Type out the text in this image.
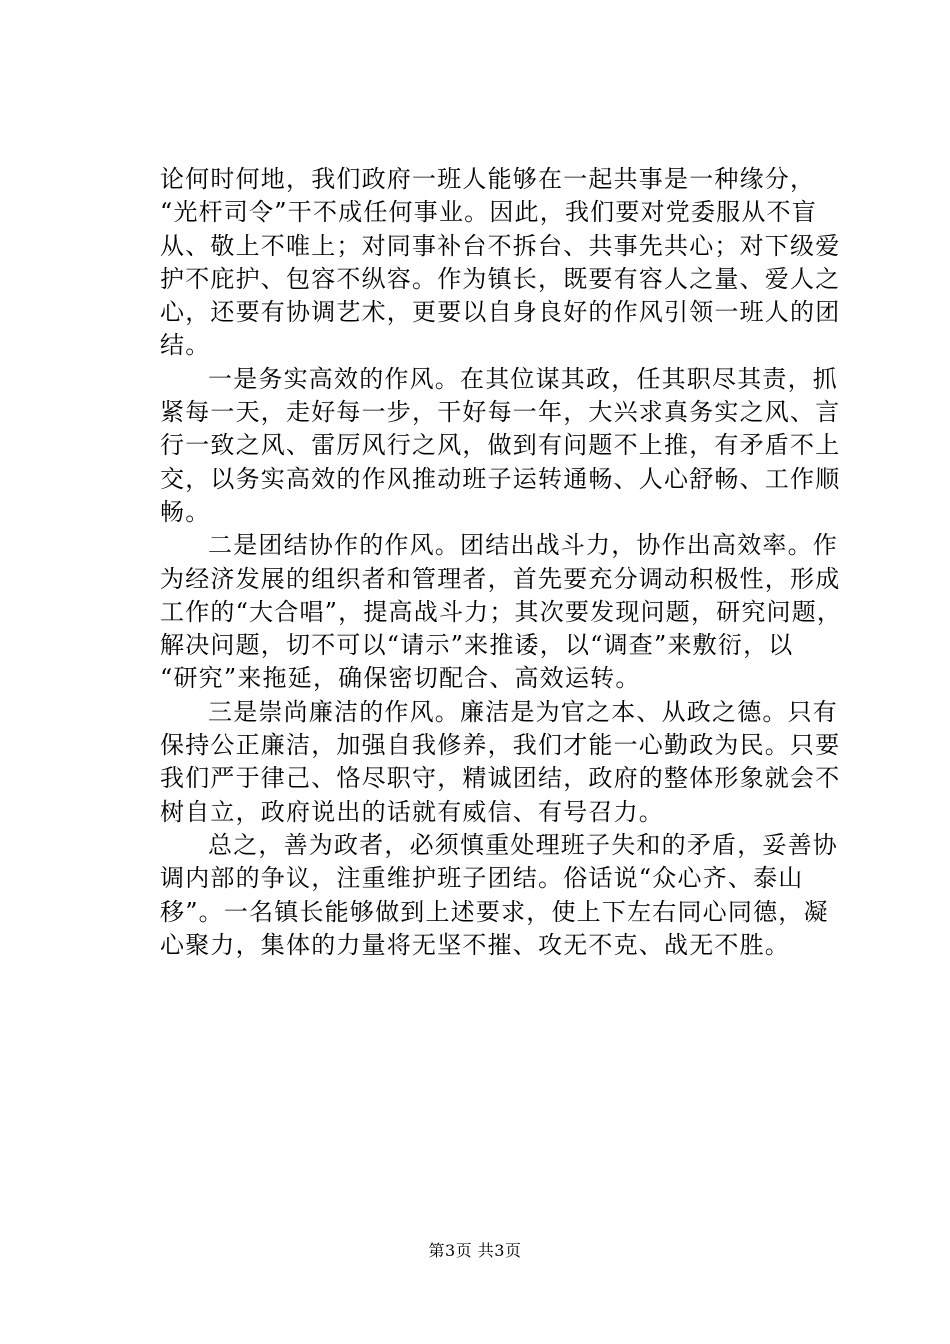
论何时何地，我们政府一班人能够在一起共事是一种缘分，
“光杆司令”干不成任何事业。因此，我们要对党委服从不盲
从、敬上不唯上；对同事补台不拆台、共事先共心；对下级爱
护不庇护、包容不纵容。作为镇长，既要有容人之量、爱人之
心，还要有协调艺术，更要以自身良好的作风引领一班人的团
结。

一是务实高效的作风。在其位谋其政，任其职尽其责，抓
紧每一天，走好每一步，干好每一年，大兴求真务实之风、言
行一致之风、雷厉风行之风，做到有问题不上推，有矛盾不上
交，以务实高效的作风推动班子运转通畅、人心舒畅、工作顺
畅。

二是团结协作的作风。团结出战斗力，协作出高效率。作
为经济发展的组织者和管理者，首先要充分调动积极性，形成
工作的“大合唱”，提高战斗力；其次要发现问题，研究问题，
解决问题，切不可以“请示”来推诿，以“调查”来敷衍，以
“研究”来拖延，确保密切配合、高效运转。

三是崇尚廉洁的作风。廉洁是为官之本、从政之德。只有
保持公正廉洁，加强自我修养，我们才能一心勤政为民。只要
我们严于律己、恪尽职守，精诚团结，政府的整体形象就会不
树自立，政府说出的话就有威信、有号召力。

总之，善为政者，必须慎重处理班子失和的矛盾，妥善协
调内部的争议，注重维护班子团结。俗话说“众心齐、泰山
移”。一名镇长能够做到上述要求，使上下左右同心同德，凝
心聚力，集体的力量将无坚不摧、攻无不克、战无不胜。

第3页 共3页
